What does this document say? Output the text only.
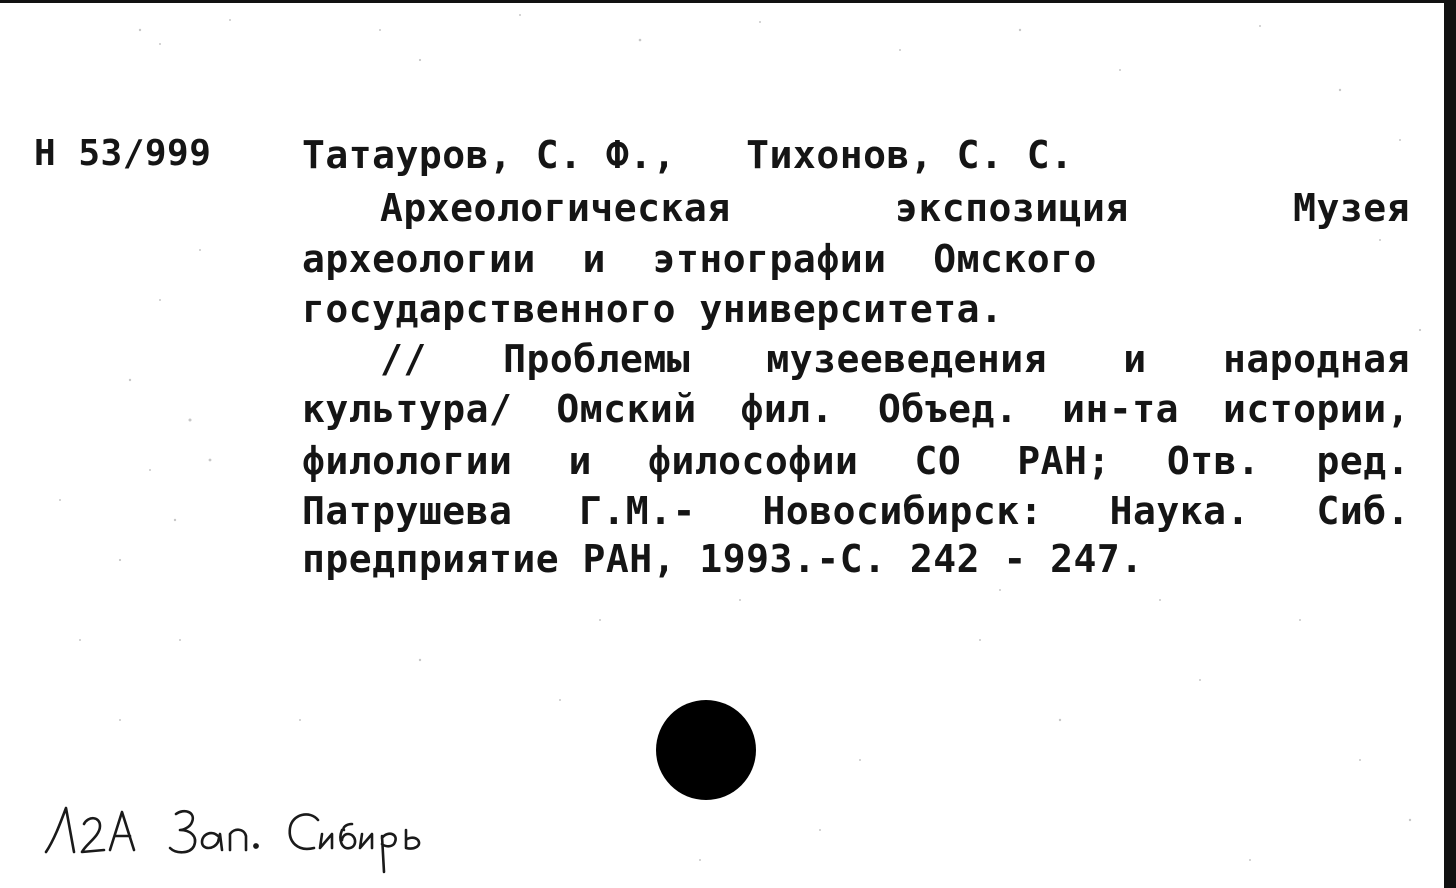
Н 53/999 Татауров, С. Ф.,   Тихонов, С. С.
Археологическая экспозиция Музея
археологии  и  этнографии  Омского
государственного университета.
// Проблемы музееведения и народная
культура/ Омский фил. Объед. ин-та истории,
филологии и философии СО РАН; Отв. ред.
Патрушева Г.М.- Новосибирск: Наука. Сиб.
предприятие РАН, 1993.-С. 242 - 247.
